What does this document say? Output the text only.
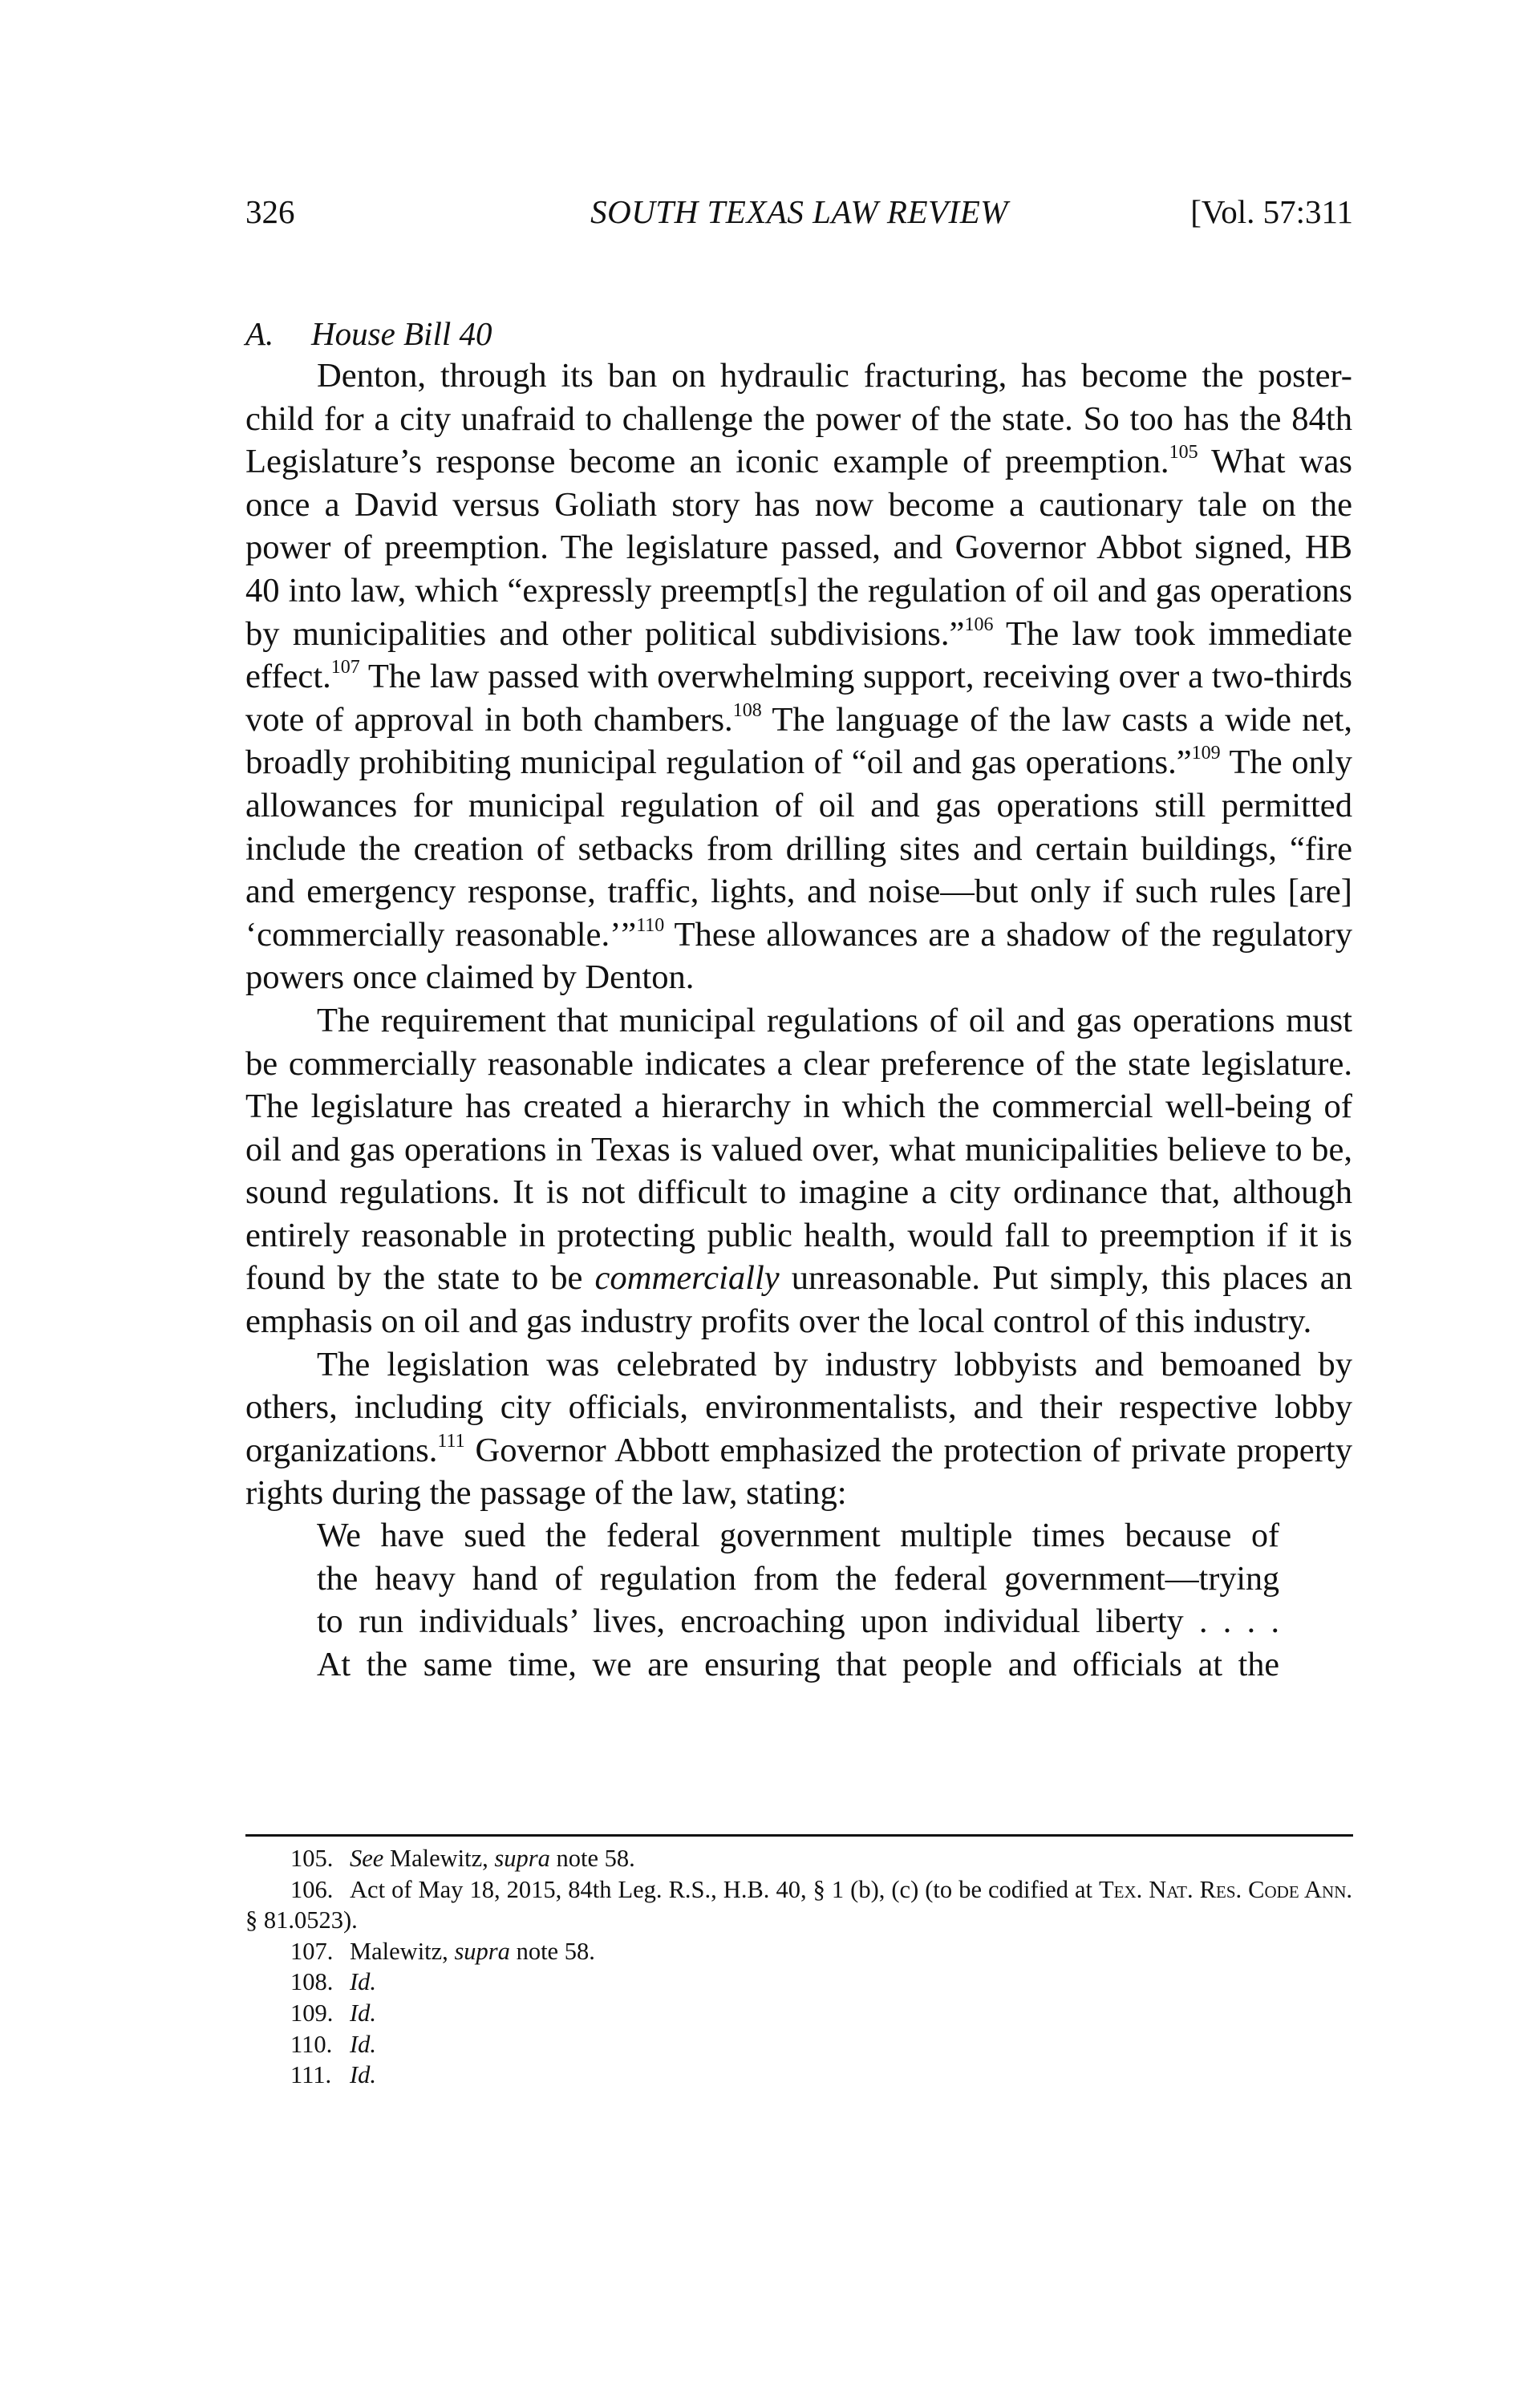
326	SOUTH TEXAS LAW REVIEW	[Vol. 57:311
A. House Bill 40

Denton, through its ban on hydraulic fracturing, has become the poster-child for a city unafraid to challenge the power of the state. So too has the 84th Legislature’s response become an iconic example of preemption.$^{105}$ What was once a David versus Goliath story has now become a cautionary tale on the power of preemption. The legislature passed, and Governor Abbot signed, HB 40 into law, which “expressly preempt[s] the regulation of oil and gas operations by municipalities and other political subdivisions.”$^{106}$ The law took immediate effect.$^{107}$ The law passed with overwhelming support, receiving over a two-thirds vote of approval in both chambers.$^{108}$ The language of the law casts a wide net, broadly prohibiting municipal regulation of “oil and gas operations.”$^{109}$ The only allowances for municipal regulation of oil and gas operations still permitted include the creation of setbacks from drilling sites and certain buildings, “fire and emergency response, traffic, lights, and noise—but only if such rules [are] ‘commercially reasonable.’”$^{110}$ These allowances are a shadow of the regulatory powers once claimed by Denton.

The requirement that municipal regulations of oil and gas operations must be commercially reasonable indicates a clear preference of the state legislature. The legislature has created a hierarchy in which the commercial well-being of oil and gas operations in Texas is valued over, what municipalities believe to be, sound regulations. It is not difficult to imagine a city ordinance that, although entirely reasonable in protecting public health, would fall to preemption if it is found by the state to be commercially unreasonable. Put simply, this places an emphasis on oil and gas industry profits over the local control of this industry.

The legislation was celebrated by industry lobbyists and bemoaned by others, including city officials, environmentalists, and their respective lobby organizations.$^{111}$ Governor Abbott emphasized the protection of private property rights during the passage of the law, stating:

We have sued the federal government multiple times because of
the heavy hand of regulation from the federal government—trying
to run individuals’ lives, encroaching upon individual liberty . . . .
At the same time, we are ensuring that people and officials at the
105. See Malewitz, supra note 58.
106. Act of May 18, 2015, 84th Leg. R.S., H.B. 40, § 1 (b), (c) (to be codified at Tex. Nat. Res. Code Ann. § 81.0523).
107. Malewitz, supra note 58.
108. Id.
109. Id.
110. Id.
111. Id.
